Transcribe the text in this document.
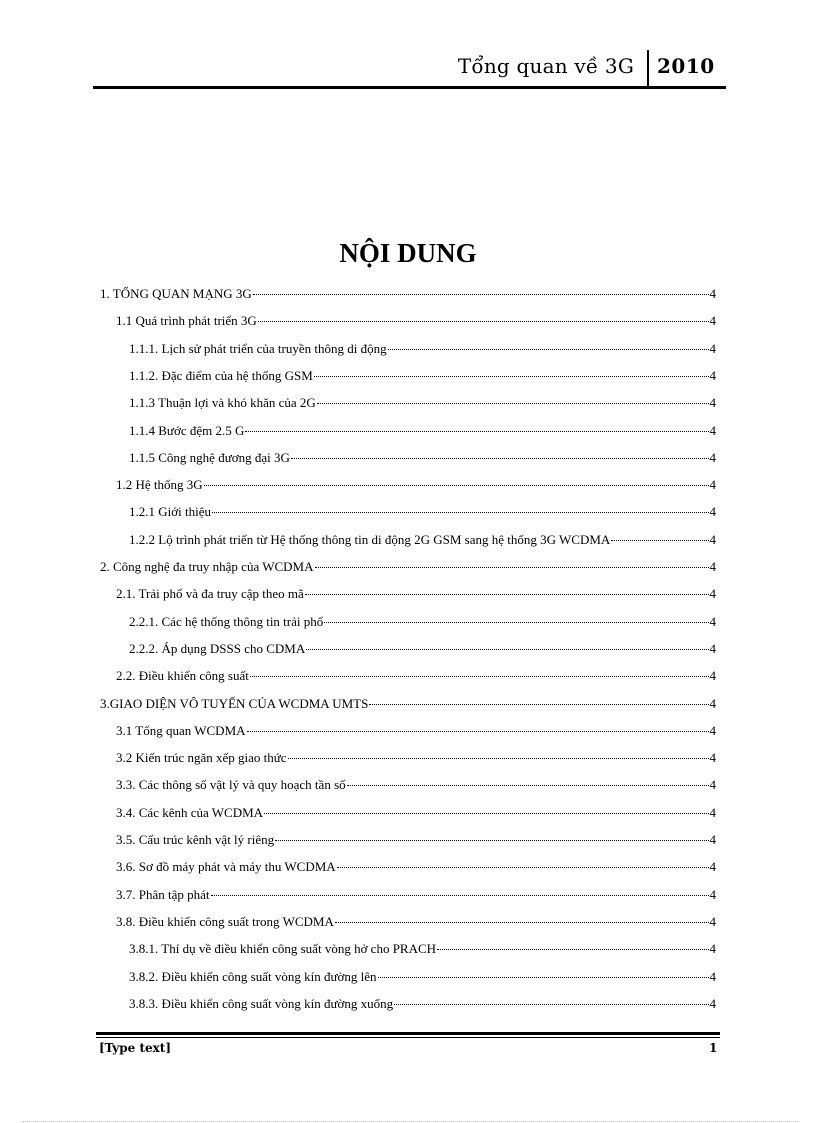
Tổng quan về 3G 2010
NỘI DUNG
1. TỔNG QUAN MẠNG 3G	4
1.1 Quá trình phát triển 3G	4
1.1.1. Lịch sử phát triển của truyền thông di động	4
1.1.2. Đặc điểm của hệ thống GSM	4
1.1.3 Thuận lợi và khó khăn của 2G	4
1.1.4 Bước đệm 2.5 G	4
1.1.5 Công nghệ đương đại 3G	4
1.2 Hệ thống 3G	4
1.2.1 Giới thiệu	4
1.2.2 Lộ trình phát triển từ Hệ thống thông tin di động 2G GSM sang hệ thống 3G WCDMA	4
2. Công nghệ đa truy nhập của WCDMA	4
2.1. Trải phổ và đa truy cập theo mã	4
2.2.1. Các hệ thống thông tin trải phổ	4
2.2.2. Áp dụng DSSS cho CDMA	4
2.2. Điều khiển công suất	4
3.GIAO DIỆN VÔ TUYẾN CỦA WCDMA UMTS	4
3.1 Tổng quan WCDMA	4
3.2 Kiến trúc ngăn xếp giao thức	4
3.3. Các thông số vật lý và quy hoạch tần số	4
3.4. Các kênh của WCDMA	4
3.5. Cấu trúc kênh vật lý riêng	4
3.6. Sơ đồ máy phát và máy thu WCDMA	4
3.7. Phân tập phát	4
3.8. Điều khiển công suất trong WCDMA	4
3.8.1. Thí dụ về điều khiển công suất vòng hở cho PRACH	4
3.8.2. Điều khiển công suất vòng kín đường lên	4
3.8.3. Điều khiển công suất vòng kín đường xuống	4
[Type text]	1
